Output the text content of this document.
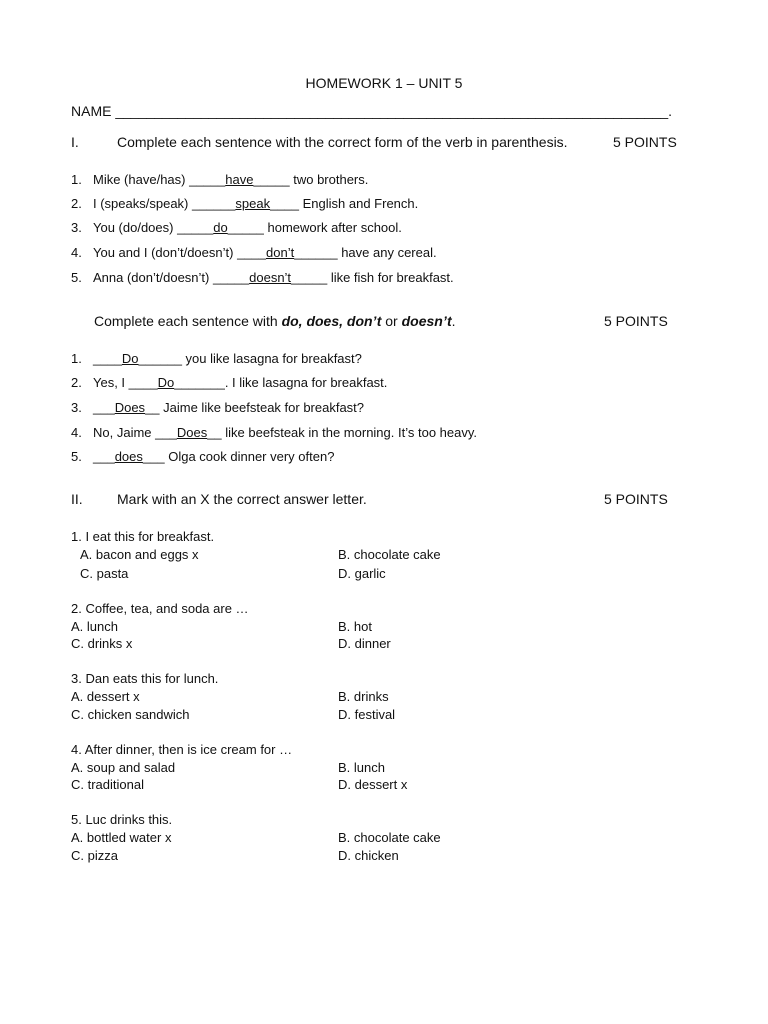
HOMEWORK 1 – UNIT 5
NAME _______________________________________________________________________.
I.	Complete each sentence with the correct form of the verb in parenthesis.	5 POINTS
1. Mike (have/has) _____have_____ two brothers.
2. I (speaks/speak) ______speak____ English and French.
3. You (do/does) _____do_____ homework after school.
4. You and I (don’t/doesn’t) ____don’t______ have any cereal.
5. Anna (don’t/doesn’t) _____doesn’t_____ like fish for breakfast.
Complete each sentence with do, does, don’t or doesn’t.	5 POINTS
1. ____Do______ you like lasagna for breakfast?
2. Yes, I ____Do_______. I like lasagna for breakfast.
3. ___Does__ Jaime like beefsteak for breakfast?
4. No, Jaime ___Does__ like beefsteak in the morning. It’s too heavy.
5. ___does___ Olga cook dinner very often?
II. Mark with an X the correct answer letter.	5 POINTS
1. I eat this for breakfast.
A. bacon and eggs x	B. chocolate cake
C. pasta	D. garlic
2. Coffee, tea, and soda are …
A. lunch	B. hot
C. drinks x	D. dinner
3. Dan eats this for lunch.
A. dessert x	B. drinks
C. chicken sandwich	D. festival
4. After dinner, then is ice cream for …
A. soup and salad	B. lunch
C. traditional	D. dessert x
5. Luc drinks this.
A. bottled water x	B. chocolate cake
C. pizza	D. chicken
